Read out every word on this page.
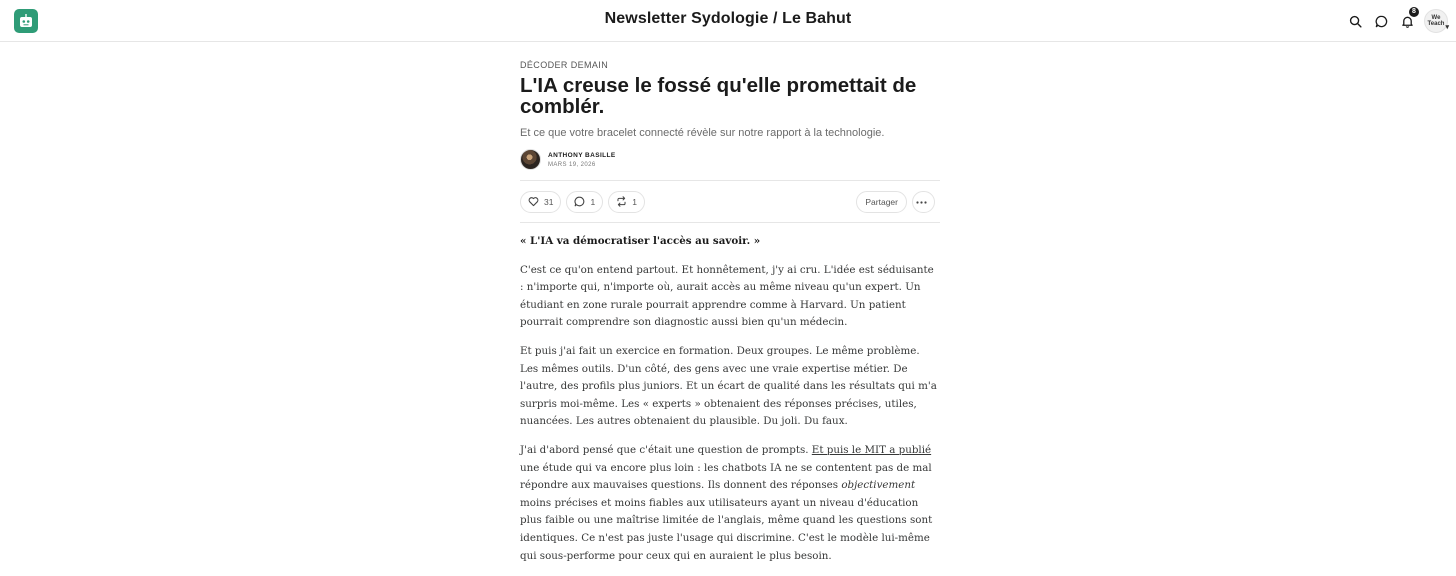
Newsletter Sydologie / Le Bahut	8
We Teach ▾
DÉCODER DEMAIN
L'IA creuse le fossé qu'elle promettait de comblér.
Et ce que votre bracelet connecté révèle sur notre rapport à la technologie.
ANTHONY BASILLE
MARS 19, 2026
31	1	1	Partager

« L'IA va démocratiser l'accès au savoir. »

C'est ce qu'on entend partout. Et honnêtement, j'y ai cru. L'idée est séduisante : n'importe qui, n'importe où, aurait accès au même niveau qu'un expert. Un étudiant en zone rurale pourrait apprendre comme à Harvard. Un patient pourrait comprendre son diagnostic aussi bien qu'un médecin.

Et puis j'ai fait un exercice en formation. Deux groupes. Le même problème. Les mêmes outils. D'un côté, des gens avec une vraie expertise métier. De l'autre, des profils plus juniors. Et un écart de qualité dans les résultats qui m'a surpris moi-même. Les « experts » obtenaient des réponses précises, utiles, nuancées. Les autres obtenaient du plausible. Du joli. Du faux.

J'ai d'abord pensé que c'était une question de prompts. Et puis le MIT a publié une étude qui va encore plus loin : les chatbots IA ne se contentent pas de mal répondre aux mauvaises questions. Ils donnent des réponses objectivement moins précises et moins fiables aux utilisateurs ayant un niveau d'éducation plus faible ou une maîtrise limitée de l'anglais, même quand les questions sont identiques. Ce n'est pas juste l'usage qui discrimine. C'est le modèle lui-même qui sous-performe pour ceux qui en auraient le plus besoin.
